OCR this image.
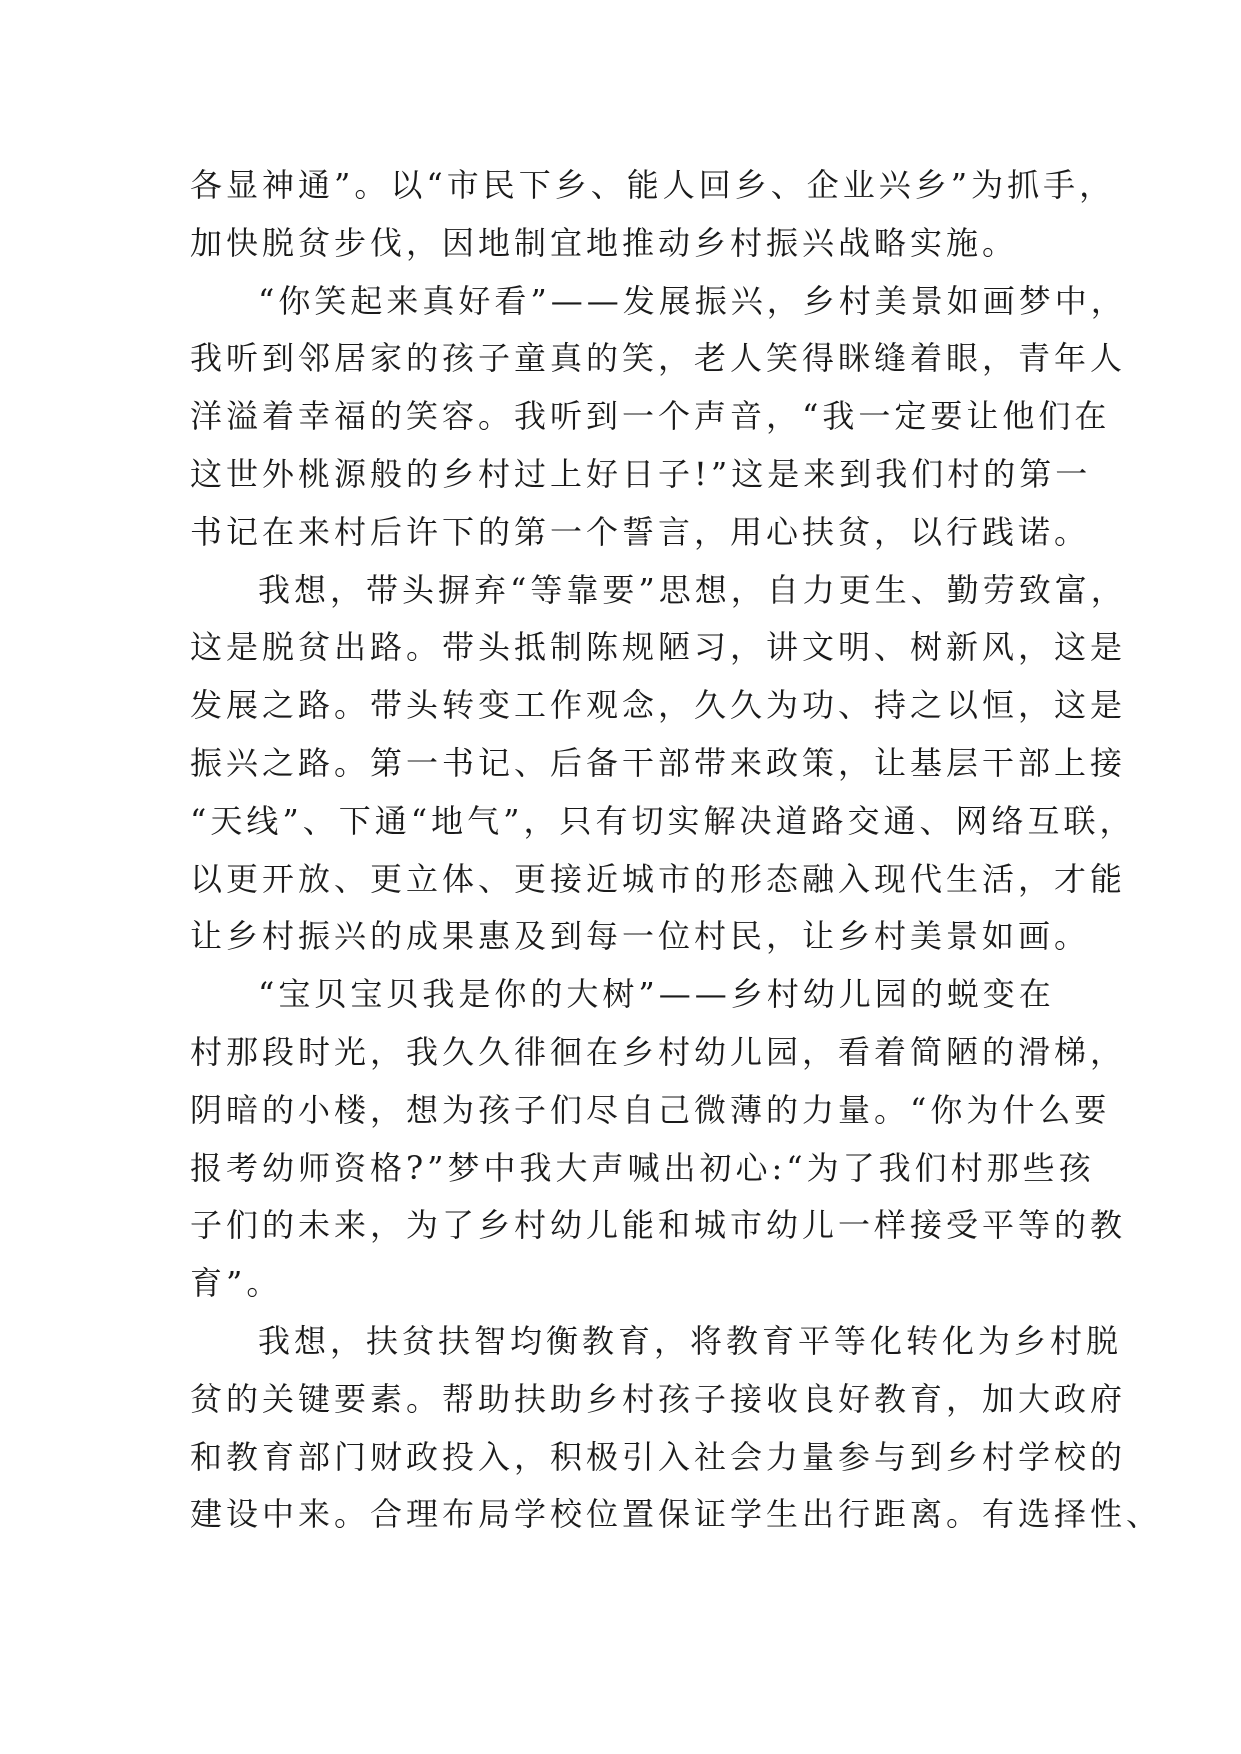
各显神通”。以“市民下乡、能人回乡、企业兴乡”为抓手，
加快脱贫步伐，因地制宜地推动乡村振兴战略实施。
“你笑起来真好看”——发展振兴，乡村美景如画梦中，
我听到邻居家的孩子童真的笑，老人笑得眯缝着眼，青年人
洋溢着幸福的笑容。我听到一个声音，“我一定要让他们在
这世外桃源般的乡村过上好日子!”这是来到我们村的第一
书记在来村后许下的第一个誓言，用心扶贫，以行践诺。
我想，带头摒弃“等靠要”思想，自力更生、勤劳致富，
这是脱贫出路。带头抵制陈规陋习，讲文明、树新风，这是
发展之路。带头转变工作观念，久久为功、持之以恒，这是
振兴之路。第一书记、后备干部带来政策，让基层干部上接
“天线”、下通“地气”，只有切实解决道路交通、网络互联，
以更开放、更立体、更接近城市的形态融入现代生活，才能
让乡村振兴的成果惠及到每一位村民，让乡村美景如画。
“宝贝宝贝我是你的大树”——乡村幼儿园的蜕变在
村那段时光，我久久徘徊在乡村幼儿园，看着简陋的滑梯，
阴暗的小楼，想为孩子们尽自己微薄的力量。“你为什么要
报考幼师资格?”梦中我大声喊出初心:“为了我们村那些孩
子们的未来，为了乡村幼儿能和城市幼儿一样接受平等的教
育”。
我想，扶贫扶智均衡教育，将教育平等化转化为乡村脱
贫的关键要素。帮助扶助乡村孩子接收良好教育，加大政府
和教育部门财政投入，积极引入社会力量参与到乡村学校的
建设中来。合理布局学校位置保证学生出行距离。有选择性、
